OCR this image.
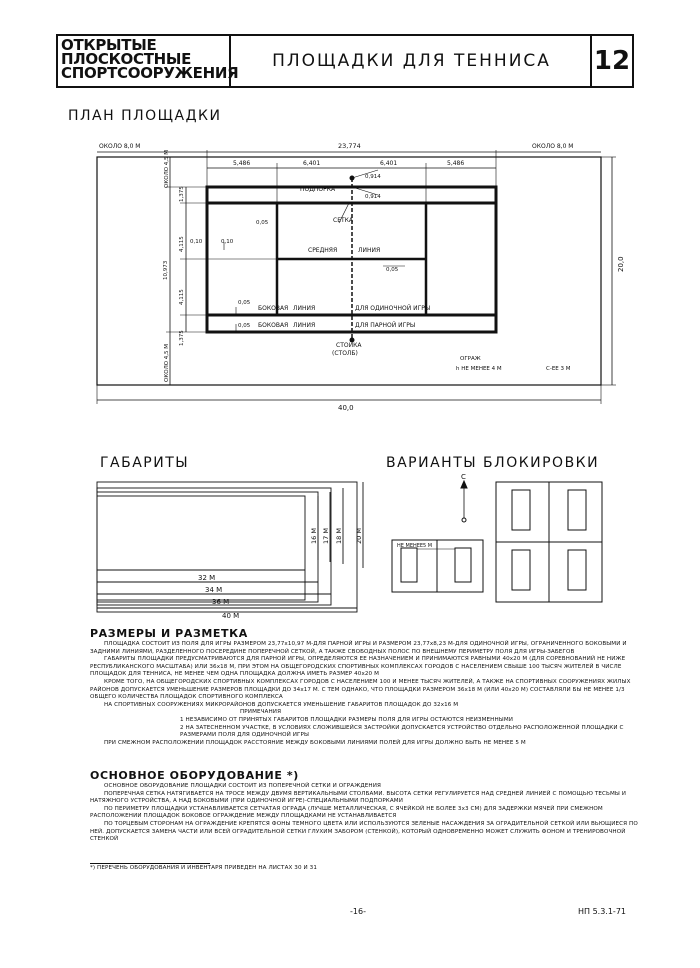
ОТКРЫТЫЕ
ПЛОСКОСТНЫЕ
СПОРТСООРУЖЕНИЯ
ПЛОЩАДКИ ДЛЯ ТЕННИСА	12
ПЛАН ПЛОЩАДКИ
ОКОЛО 8,0 М	23,774	ОКОЛО 8,0 М
5,486	6,401	6,401	5,486
0,914
0,914
ПОДПОРКА
СЕТКА
СРЕДНЯЯ	ЛИНИЯ
0,05
0,05
0,05
0,05
0,10	0,10
БОКОВАЯ ЛИНИЯ	ДЛЯ ОДИНОЧНОЙ ИГРЫ
БОКОВАЯ ЛИНИЯ	ДЛЯ ПАРНОЙ ИГРЫ
СТОЙКА
(СТОЛБ)
ОГРАЖ
h НЕ МЕНЕЕ 4 М	С-ЕЕ 3 М
40,0
20,0
ОКОЛО 4,5 М
1,375
4,115
4,115
1,375
10,973
ОКОЛО 4,5 М
ГАБАРИТЫ
32 М
34 М
36 М
40 М
16 М 17 М 18 М 20 М
ВАРИАНТЫ БЛОКИРОВКИ
С
НЕ МЕНЕЕ 5 М
РАЗМЕРЫ И РАЗМЕТКА

ПЛОЩАДКА СОСТОИТ ИЗ ПОЛЯ ДЛЯ ИГРЫ РАЗМЕРОМ 23,77х10,97 М-ДЛЯ ПАРНОЙ ИГРЫ И РАЗМЕРОМ 23,77х8,23 М-ДЛЯ ОДИНОЧНОЙ ИГРЫ, ОГРАНИЧЕННОГО БОКОВЫМИ И ЗАДНИМИ ЛИНИЯМИ, РАЗДЕЛЕННОГО ПОСЕРЕДИНЕ ПОПЕРЕЧНОЙ СЕТКОЙ, А ТАКЖЕ СВОБОДНЫХ ПОЛОС ПО ВНЕШНЕМУ ПЕРИМЕТРУ ПОЛЯ ДЛЯ ИГРЫ-ЗАБЕГОВ

ГАБАРИТЫ ПЛОЩАДКИ ПРЕДУСМАТРИВАЮТСЯ ДЛЯ ПАРНОЙ ИГРЫ, ОПРЕДЕЛЯЮТСЯ ЕЕ НАЗНАЧЕНИЕМ И ПРИНИМАЮТСЯ РАВНЫМИ 40х20 М (ДЛЯ СОРЕВНОВАНИЙ НЕ НИЖЕ РЕСПУБЛИКАНСКОГО МАСШТАБА) ИЛИ 36х18 М, ПРИ ЭТОМ НА ОБЩЕГОРОДСКИХ СПОРТИВНЫХ КОМПЛЕКСАХ ГОРОДОВ С НАСЕЛЕНИЕМ СВЫШЕ 100 ТЫСЯЧ ЖИТЕЛЕЙ В ЧИСЛЕ ПЛОЩАДОК ДЛЯ ТЕННИСА, НЕ МЕНЕЕ ЧЕМ ОДНА ПЛОЩАДКА ДОЛЖНА ИМЕТЬ РАЗМЕР 40х20 М

КРОМЕ ТОГО, НА ОБЩЕГОРОДСКИХ СПОРТИВНЫХ КОМПЛЕКСАХ ГОРОДОВ С НАСЕЛЕНИЕМ 100 И МЕНЕЕ ТЫСЯЧ ЖИТЕЛЕЙ, А ТАКЖЕ НА СПОРТИВНЫХ СООРУЖЕНИЯХ ЖИЛЫХ РАЙОНОВ ДОПУСКАЕТСЯ УМЕНЬШЕНИЕ РАЗМЕРОВ ПЛОЩАДКИ ДО 34х17 М. С ТЕМ ОДНАКО, ЧТО ПЛОЩАДКИ РАЗМЕРОМ 36х18 М (ИЛИ 40х20 М) СОСТАВЛЯЛИ БЫ НЕ МЕНЕЕ 1/3 ОБЩЕГО КОЛИЧЕСТВА ПЛОЩАДОК СПОРТИВНОГО КОМПЛЕКСА

НА СПОРТИВНЫХ СООРУЖЕНИЯХ МИКРОРАЙОНОВ ДОПУСКАЕТСЯ УМЕНЬШЕНИЕ ГАБАРИТОВ ПЛОЩАДОК ДО 32х16 М

ПРИМЕЧАНИЯ

1 НЕЗАВИСИМО ОТ ПРИНЯТЫХ ГАБАРИТОВ ПЛОЩАДКИ РАЗМЕРЫ ПОЛЯ ДЛЯ ИГРЫ ОСТАЮТСЯ НЕИЗМЕННЫМИ

2 НА ЗАТЕСНЕННОМ УЧАСТКЕ, В УСЛОВИЯХ СЛОЖИВШЕЙСЯ ЗАСТРОЙКИ ДОПУСКАЕТСЯ УСТРОЙСТВО ОТДЕЛЬНО РАСПОЛОЖЕННОЙ ПЛОЩАДКИ С РАЗМЕРАМИ ПОЛЯ ДЛЯ ОДИНОЧНОЙ ИГРЫ

ПРИ СМЕЖНОМ РАСПОЛОЖЕНИИ ПЛОЩАДОК РАССТОЯНИЕ МЕЖДУ БОКОВЫМИ ЛИНИЯМИ ПОЛЕЙ ДЛЯ ИГРЫ ДОЛЖНО БЫТЬ НЕ МЕНЕЕ 5 М

ОСНОВНОЕ ОБОРУДОВАНИЕ *)

ОСНОВНОЕ ОБОРУДОВАНИЕ ПЛОЩАДКИ СОСТОИТ ИЗ ПОПЕРЕЧНОЙ СЕТКИ И ОГРАЖДЕНИЯ

ПОПЕРЕЧНАЯ СЕТКА НАТЯГИВАЕТСЯ НА ТРОСЕ МЕЖДУ ДВУМЯ ВЕРТИКАЛЬНЫМИ СТОЛБАМИ. ВЫСОТА СЕТКИ РЕГУЛИРУЕТСЯ НАД СРЕДНЕЙ ЛИНИЕЙ С ПОМОЩЬЮ ТЕСЬМЫ И НАТЯЖНОГО УСТРОЙСТВА, А НАД БОКОВЫМИ (ПРИ ОДИНОЧНОЙ ИГРЕ)-СПЕЦИАЛЬНЫМИ ПОДПОРКАМИ

ПО ПЕРИМЕТРУ ПЛОЩАДКИ УСТАНАВЛИВАЕТСЯ СЕТЧАТАЯ ОГРАДА (ЛУЧШЕ МЕТАЛЛИЧЕСКАЯ, С ЯЧЕЙКОЙ НЕ БОЛЕЕ 3х3 СМ) ДЛЯ ЗАДЕРЖКИ МЯЧЕЙ ПРИ СМЕЖНОМ РАСПОЛОЖЕНИИ ПЛОЩАДОК БОКОВОЕ ОГРАЖДЕНИЕ МЕЖДУ ПЛОЩАДКАМИ НЕ УСТАНАВЛИВАЕТСЯ

ПО ТОРЦЕВЫМ СТОРОНАМ НА ОГРАЖДЕНИЕ КРЕПЯТСЯ ФОНЫ ТЕМНОГО ЦВЕТА ИЛИ ИСПОЛЬЗУЮТСЯ ЗЕЛЕНЫЕ НАСАЖДЕНИЯ ЗА ОГРАДИТЕЛЬНОЙ СЕТКОЙ ИЛИ ВЬЮЩИЕСЯ ПО НЕЙ. ДОПУСКАЕТСЯ ЗАМЕНА ЧАСТИ ИЛИ ВСЕЙ ОГРАДИТЕЛЬНОЙ СЕТКИ ГЛУХИМ ЗАБОРОМ (СТЕНКОЙ), КОТОРЫЙ ОДНОВРЕМЕННО МОЖЕТ СЛУЖИТЬ ФОНОМ И ТРЕНИРОВОЧНОЙ СТЕНКОЙ

*) ПЕРЕЧЕНЬ ОБОРУДОВАНИЯ И ИНВЕНТАРЯ ПРИВЕДЕН НА ЛИСТАХ 30 И 31
-16-	НП 5.3.1-71
